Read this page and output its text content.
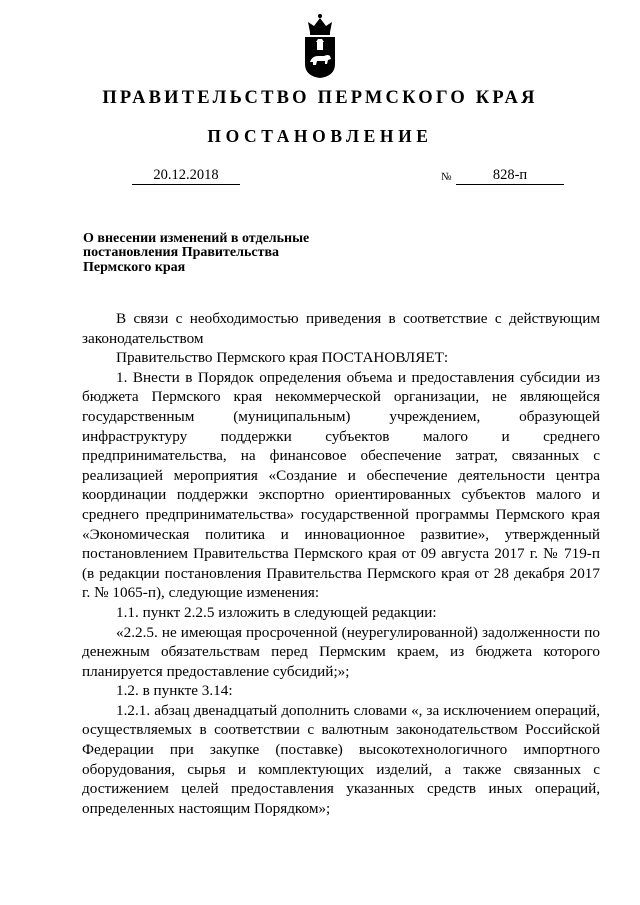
ПРАВИТЕЛЬСТВО ПЕРМСКОГО КРАЯ
ПОСТАНОВЛЕНИЕ
20.12.2018	№	828-п
О внесении изменений в отдельные
постановления Правительства
Пермского края

В связи с необходимостью приведения в соответствие с действующим законодательством

Правительство Пермского края ПОСТАНОВЛЯЕТ:

1. Внести в Порядок определения объема и предоставления субсидии из бюджета Пермского края некоммерческой организации, не являющейся государственным (муниципальным) учреждением, образующей инфраструктуру поддержки субъектов малого и среднего предпринимательства, на финансовое обеспечение затрат, связанных с реализацией мероприятия «Создание и обеспечение деятельности центра координации поддержки экспортно ориентированных субъектов малого и среднего предпринимательства» государственной программы Пермского края «Экономическая политика и инновационное развитие», утвержденный постановлением Правительства Пермского края от 09 августа 2017 г. № 719-п (в редакции постановления Правительства Пермского края от 28 декабря 2017 г. № 1065-п), следующие изменения:

1.1. пункт 2.2.5 изложить в следующей редакции:

«2.2.5. не имеющая просроченной (неурегулированной) задолженности по денежным обязательствам перед Пермским краем, из бюджета которого планируется предоставление субсидий;»;

1.2. в пункте 3.14:

1.2.1. абзац двенадцатый дополнить словами «, за исключением операций, осуществляемых в соответствии с валютным законодательством Российской Федерации при закупке (поставке) высокотехнологичного импортного оборудования, сырья и комплектующих изделий, а также связанных с достижением целей предоставления указанных средств иных операций, определенных настоящим Порядком»;
